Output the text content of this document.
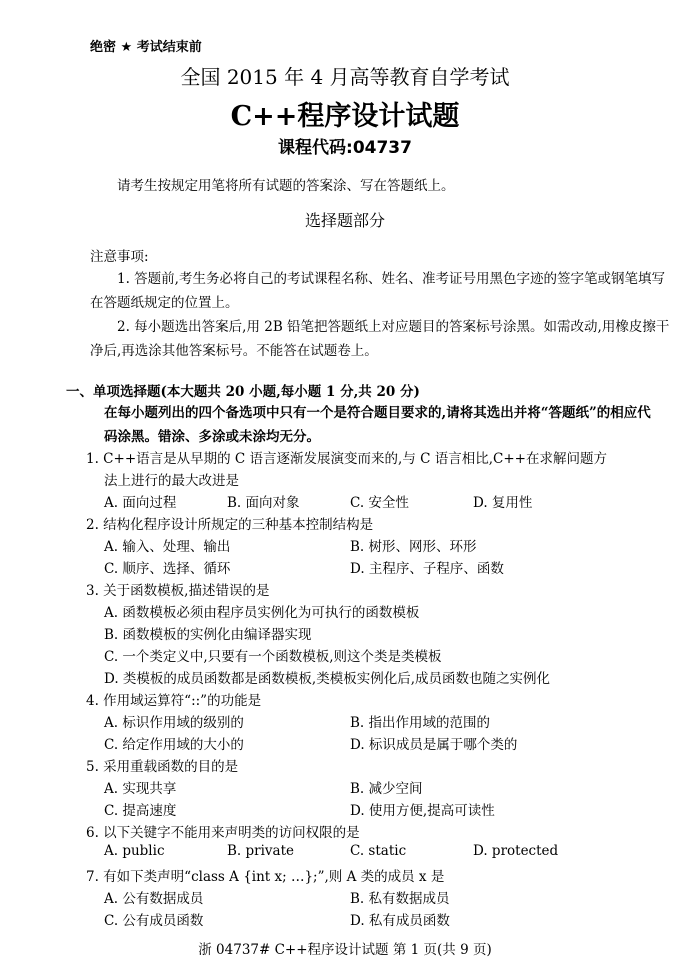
绝密 ★ 考试结束前
全国 2015 年 4 月高等教育自学考试
C++程序设计试题
课程代码:04737
请考生按规定用笔将所有试题的答案涂、写在答题纸上。
选择题部分
注意事项:
1. 答题前,考生务必将自己的考试课程名称、姓名、准考证号用黑色字迹的签字笔或钢笔填写在答题纸规定的位置上。
2. 每小题选出答案后,用 2B 铅笔把答题纸上对应题目的答案标号涂黑。如需改动,用橡皮擦干净后,再选涂其他答案标号。不能答在试题卷上。
一、单项选择题(本大题共 20 小题,每小题 1 分,共 20 分)
在每小题列出的四个备选项中只有一个是符合题目要求的,请将其选出并将“答题纸”的相应代码涂黑。错涂、多涂或未涂均无分。
1. C++语言是从早期的 C 语言逐渐发展演变而来的,与 C 语言相比,C++在求解问题方
法上进行的最大改进是
A. 面向过程	B. 面向对象	C. 安全性	D. 复用性
2. 结构化程序设计所规定的三种基本控制结构是
A. 输入、处理、输出	B. 树形、网形、环形
C. 顺序、选择、循环	D. 主程序、子程序、函数
3. 关于函数模板,描述错误的是
A. 函数模板必须由程序员实例化为可执行的函数模板
B. 函数模板的实例化由编译器实现
C. 一个类定义中,只要有一个函数模板,则这个类是类模板
D. 类模板的成员函数都是函数模板,类模板实例化后,成员函数也随之实例化
4. 作用域运算符“::”的功能是
A. 标识作用域的级别的	B. 指出作用域的范围的
C. 给定作用域的大小的	D. 标识成员是属于哪个类的
5. 采用重载函数的目的是
A. 实现共享	B. 减少空间
C. 提高速度	D. 使用方便,提高可读性
6. 以下关键字不能用来声明类的访问权限的是
A. public	B. private	C. static	D. protected
7. 有如下类声明“class A {int x; …};”,则 A 类的成员 x 是
A. 公有数据成员	B. 私有数据成员
C. 公有成员函数	D. 私有成员函数
浙 04737# C++程序设计试题 第 1 页(共 9 页)
